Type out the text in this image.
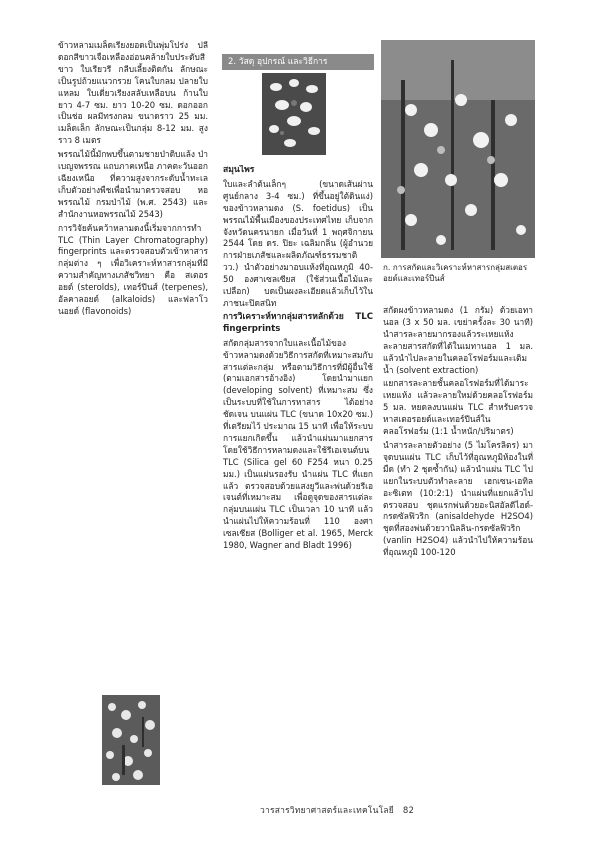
ข้าวหลามเมล็ดเรียงยอดเป็นพุ่มโปร่ง ปลีดอกสีขาวเจือเหลืองอ่อนคล้ายใบประดับสีขาว ใบเรียวรี กลีบเลี้ยงติดกัน ลักษณะเป็นรูปถ้วยแนวกรวย โคนใบกลม ปลายใบแหลม ใบเดี่ยวเรียงสลับเหลือบน ก้านใบยาว 4-7 ซม. ยาว 10-20 ซม. ดอกออกเป็นช่อ ผลมีทรงกลม ขนาดราว 25 มม. เมล็ดเล็ก ลักษณะเป็นกลุ่ม 8-12 มม. สูงราว 8 เมตร

พรรณไม้นี้มักพบขึ้นตามชายป่าดิบแล้ง ป่าเบญจพรรณ แถบภาคเหนือ ภาคตะวันออกเฉียงเหนือ ที่ความสูงจากระดับน้ำทะเล เก็บตัวอย่างพืชเพื่อนำมาตรวจสอบ หอพรรณไม้ กรมป่าไม้ (พ.ศ. 2543) และสำนักงานหอพรรณไม้ 2543)

การวิจัยค้นคว้าหลามดงนี้เริ่มจากการทำ TLC (Thin Layer Chromatography) fingerprints และตรวจสอบตัวเข้าหาสารกลุ่มต่าง ๆ เพื่อวิเคราะห์หาสารกลุ่มที่มีความสำคัญทางเภสัชวิทยา คือ สเตอรอยด์ (sterolds), เทอร์ปีนส์ (terpenes), อัลคาลอยด์ (alkaloids) และฟลาโวนอยด์ (flavonoids)

2. วัสดุ อุปกรณ์ และวิธีการ

สมุนไพร

ใบและลำต้นเล็กๆ (ขนาดเส้นผ่านศูนย์กลาง 3-4 ซม.) ที่ขึ้นอยู่ใต้ดินแง่) ของข้าวหลามดง (S. foetidus) เป็นพรรณไม้พื้นเมืองของประเทศไทย เก็บจากจังหวัดนครนายก เมื่อวันที่ 1 พฤศจิกายน 2544 โดย ดร. ปิยะ เฉลิมกลิ่น (ผู้อำนวยการฝ่ายเภสัชและผลิตภัณฑ์ธรรมชาติ วว.) นำตัวอย่างมาอบแห้งที่อุณหภูมิ 40-50 องศาเซลเซียส (ใช้ส่วนเนื้อไม้และเปลือก) บดเป็นผงละเอียดแล้วเก็บไว้ในภาชนะปิดสนิท

การวิเคราะห์หากลุ่มสารหลักด้วย TLC fingerprints

สกัดกลุ่มสารจากใบและเนื้อไม้ของข้าวหลามดงด้วยวิธีการสกัดที่เหมาะสมกับสารแต่ละกลุ่ม หรือตามวิธีการที่มีผู้อื่นใช้ (ตามเอกสารอ้างอิง) โดยนำมาแยก (developing solvent) ที่เหมาะสม ซึ่งเป็นระบบที่ใช้ในการหาสาร ได้อย่างชัดเจน บนแผ่น TLC (ขนาด 10x20 ซม.) ที่เตรียมไว้ ประมาณ 15 นาที เพื่อให้ระบบการแยกเกิดขึ้น แล้วนำแผ่นมาแยกสารโดยใช้วิธีการหลามดงและใช้รีเอเจนต์บน TLC (Silica gel 60 F254 หนา 0.25 มม.) เป็นแผ่นรองรับ นำแผ่น TLC ที่แยกแล้ว ตรวจสอบด้วยแสงยูวีและพ่นด้วยรีเอเจนต์ที่เหมาะสม เพื่อดูจุดของสารแต่ละกลุ่มบนแผ่น TLC เป็นเวลา 10 นาที แล้วนำแผ่นไปให้ความร้อนที่ 110 องศาเซลเซียส (Bolliger et al. 1965, Merck 1980, Wagner and Bladt 1996)

ก. การสกัดและวิเคราะห์หาสารกลุ่มสเตอรอยด์และเทอร์ปีนส์

สกัดผงข้าวหลามดง (1 กรัม) ด้วยเอทานอล (3 x 50 มล. เขย่าครั้งละ 30 นาที) นำสารละลายมากรองแล้วระเหยแห้ง ละลายสารสกัดที่ได้ในเมทานอล 1 มล. แล้วนำไปละลายในคลอโรฟอร์มและเติมน้ำ (solvent extraction)

แยกสารละลายชั้นคลอโรฟอร์มที่ได้มาระเหยแห้ง แล้วละลายใหม่ด้วยคลอโรฟอร์ม 5 มล. หยดลงบนแผ่น TLC สำหรับตรวจหาสเตอรอยด์และเทอร์ปีนส์ในคลอโรฟอร์ม (1:1 น้ำหนัก/ปริมาตร)

นำสารละลายตัวอย่าง (5 ไมโครลิตร) มาจุดบนแผ่น TLC เก็บไว้ที่อุณหภูมิห้องในที่มืด (ทำ 2 ชุดซ้ำกัน) แล้วนำแผ่น TLC ไปแยกในระบบตัวทำละลาย เฮกเซน-เอทิลอะซิเตท (10:2:1) นำแผ่นที่แยกแล้วไปตรวจสอบ ชุดแรกพ่นด้วยอะนิสอัลดีไฮด์-กรดซัลฟิวริก (anisaldehyde H2SO4) ชุดที่สองพ่นด้วยวานิลลิน-กรดซัลฟิวริก (vanlin H2SO4) แล้วนำไปให้ความร้อนที่อุณหภูมิ 100-120

วารสารวิทยาศาสตร์และเทคโนโลยี 82
